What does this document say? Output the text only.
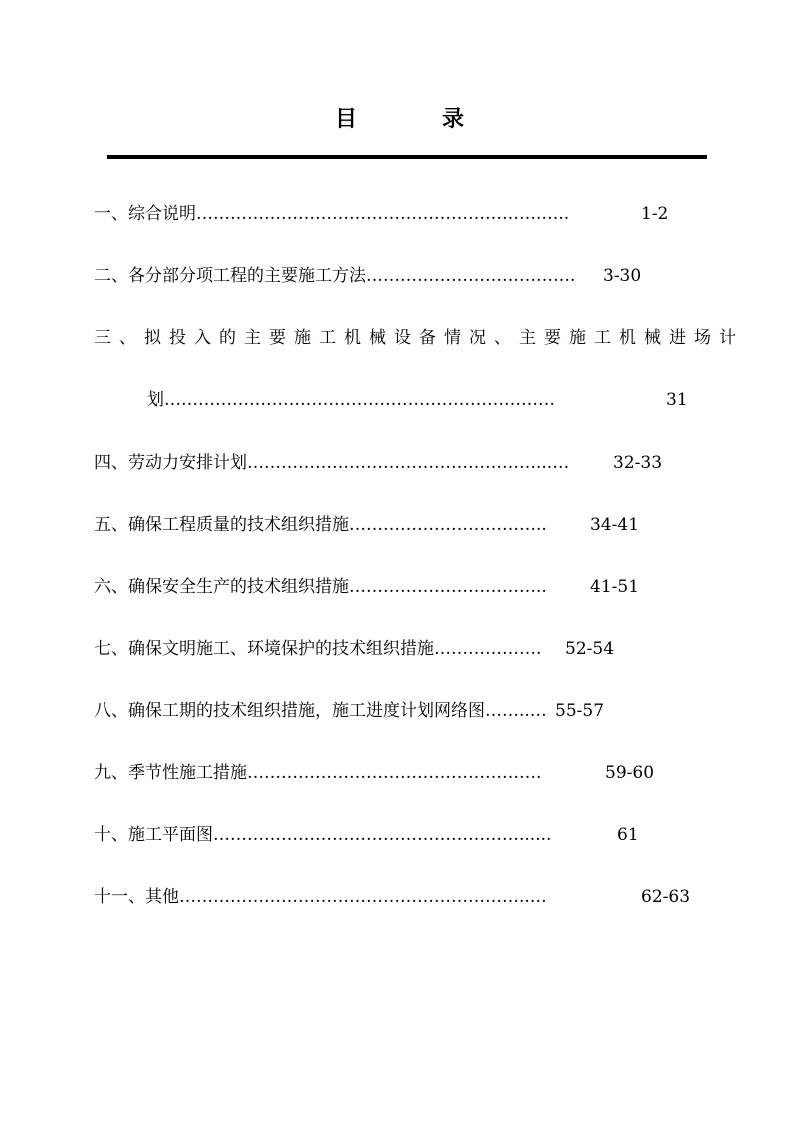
目	录
一、综合说明…………………………………………………….…..	1-2
二、各分部分项工程的主要施工方法………………………………. 3-30
三、拟投入的主要施工机械设备情况、主要施工机械进场计
划……………………………………………………………	31
四、劳动力安排计划……………………………………………...…	32-33
五、确保工程质量的技术组织措施……………………………..	34-41
六、确保安全生产的技术组织措施……………………………..	41-51
七、确保文明施工、环境保护的技术组织措施………………. 52-54
八、确保工期的技术组织措施，施工进度计划网络图……..… 55-57
九、季节性施工措施…………………………………………….	59-60
十、施工平面图………………………………………………......	61
十一、其他……………………………………………………..…	62-63
